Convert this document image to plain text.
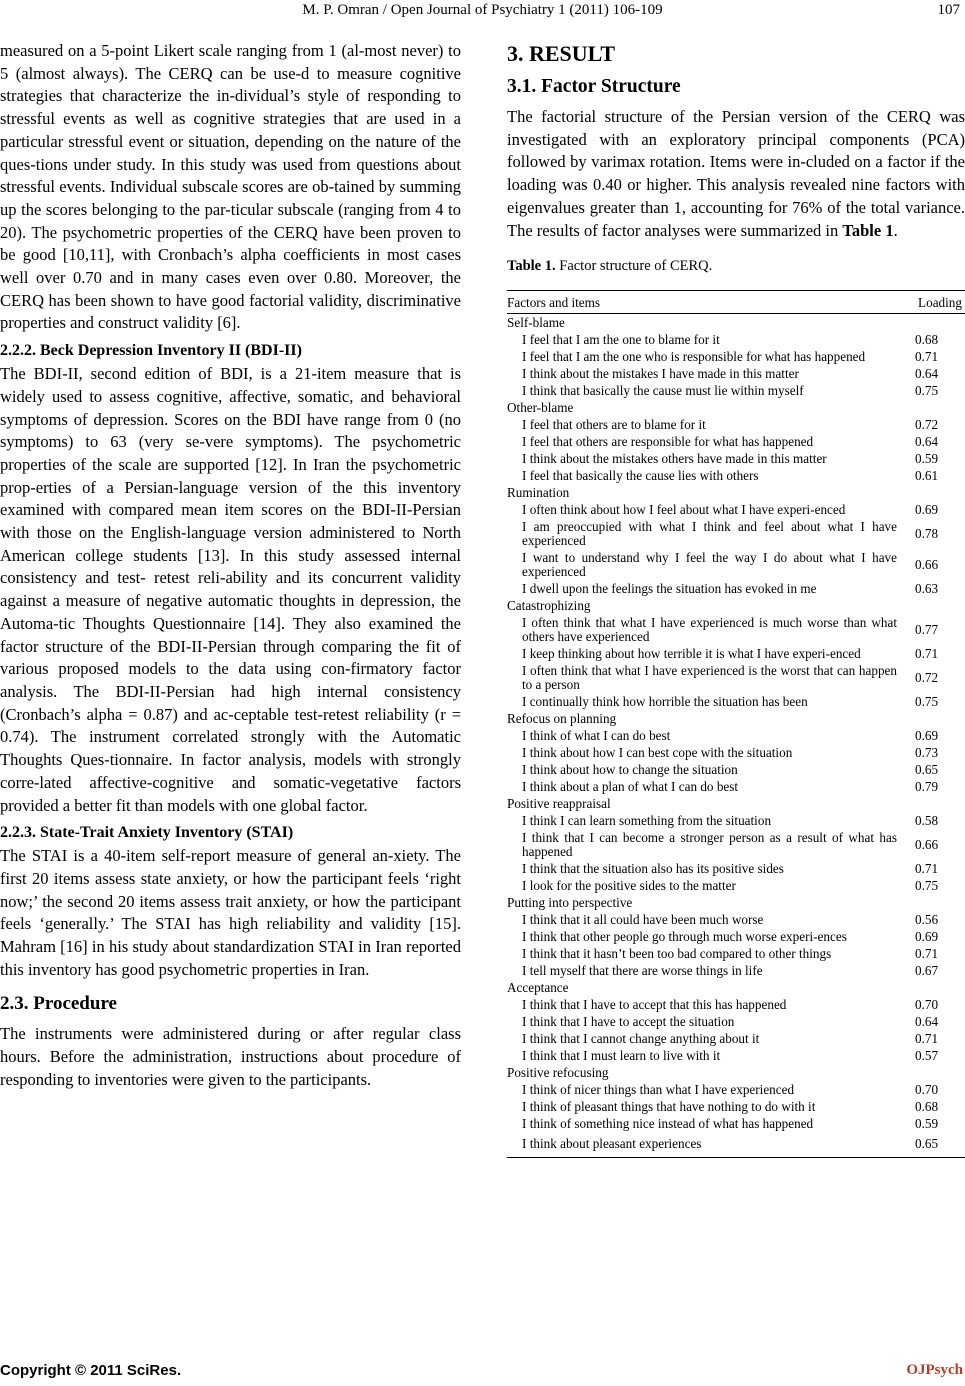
M. P. Omran / Open Journal of Psychiatry 1 (2011) 106-109	107

measured on a 5-point Likert scale ranging from 1 (al-most never) to 5 (almost always). The CERQ can be use-d to measure cognitive strategies that characterize the in-dividual’s style of responding to stressful events as well as cognitive strategies that are used in a particular stressful event or situation, depending on the nature of the ques-tions under study. In this study was used from questions about stressful events. Individual subscale scores are ob-tained by summing up the scores belonging to the par-ticular subscale (ranging from 4 to 20). The psychometric properties of the CERQ have been proven to be good [10,11], with Cronbach’s alpha coefficients in most cases well over 0.70 and in many cases even over 0.80. Moreover, the CERQ has been shown to have good factorial validity, discriminative properties and construct validity [6].

2.2.2. Beck Depression Inventory II (BDI-II)

The BDI-II, second edition of BDI, is a 21-item measure that is widely used to assess cognitive, affective, somatic, and behavioral symptoms of depression. Scores on the BDI have range from 0 (no symptoms) to 63 (very se-vere symptoms). The psychometric properties of the scale are supported [12]. In Iran the psychometric prop-erties of a Persian-language version of the this inventory examined with compared mean item scores on the BDI-II-Persian with those on the English-language version administered to North American college students [13]. In this study assessed internal consistency and test- retest reli-ability and its concurrent validity against a measure of negative automatic thoughts in depression, the Automa-tic Thoughts Questionnaire [14]. They also examined the factor structure of the BDI-II-Persian through comparing the fit of various proposed models to the data using con-firmatory factor analysis. The BDI-II-Persian had high internal consistency (Cronbach’s alpha = 0.87) and ac-ceptable test-retest reliability (r = 0.74). The instrument correlated strongly with the Automatic Thoughts Ques-tionnaire. In factor analysis, models with strongly corre-lated affective-cognitive and somatic-vegetative factors provided a better fit than models with one global factor.

2.2.3. State-Trait Anxiety Inventory (STAI)

The STAI is a 40-item self-report measure of general an-xiety. The first 20 items assess state anxiety, or how the participant feels ‘right now;’ the second 20 items assess trait anxiety, or how the participant feels ‘generally.’ The STAI has high reliability and validity [15]. Mahram [16] in his study about standardization STAI in Iran reported this inventory has good psychometric properties in Iran.

2.3. Procedure

The instruments were administered during or after regular class hours. Before the administration, instructions about procedure of responding to inventories were given to the participants.

3. RESULT
3.1. Factor Structure

The factorial structure of the Persian version of the CERQ was investigated with an exploratory principal components (PCA) followed by varimax rotation. Items were in-cluded on a factor if the loading was 0.40 or higher. This analysis revealed nine factors with eigenvalues greater than 1, accounting for 76% of the total variance. The results of factor analyses were summarized in Table 1.

Table 1. Factor structure of CERQ.
Factors and items	Loading
Self-blame	
I feel that I am the one to blame for it	0.68
I feel that I am the one who is responsible for what has happened	0.71
I think about the mistakes I have made in this matter	0.64
I think that basically the cause must lie within myself	0.75
Other-blame	
I feel that others are to blame for it	0.72
I feel that others are responsible for what has happened	0.64
I think about the mistakes others have made in this matter	0.59
I feel that basically the cause lies with others	0.61
Rumination	
I often think about how I feel about what I have experi-enced	0.69
I am preoccupied with what I think and feel about what I have experienced	0.78
I want to understand why I feel the way I do about what I have experienced	0.66
I dwell upon the feelings the situation has evoked in me	0.63
Catastrophizing	
I often think that what I have experienced is much worse than what others have experienced	0.77
I keep thinking about how terrible it is what I have experi-enced	0.71
I often think that what I have experienced is the worst that can happen to a person	0.72
I continually think how horrible the situation has been	0.75
Refocus on planning	
I think of what I can do best	0.69
I think about how I can best cope with the situation	0.73
I think about how to change the situation	0.65
I think about a plan of what I can do best	0.79
Positive reappraisal	
I think I can learn something from the situation	0.58
I think that I can become a stronger person as a result of what has happened	0.66
I think that the situation also has its positive sides	0.71
I look for the positive sides to the matter	0.75
Putting into perspective	
I think that it all could have been much worse	0.56
I think that other people go through much worse experi-ences	0.69
I think that it hasn’t been too bad compared to other things	0.71
I tell myself that there are worse things in life	0.67
Acceptance	
I think that I have to accept that this has happened	0.70
I think that I have to accept the situation	0.64
I think that I cannot change anything about it	0.71
I think that I must learn to live with it	0.57
Positive refocusing	
I think of nicer things than what I have experienced	0.70
I think of pleasant things that have nothing to do with it	0.68
I think of something nice instead of what has happened	0.59
I think about pleasant experiences	0.65
Copyright © 2011 SciRes.	OJPsych
